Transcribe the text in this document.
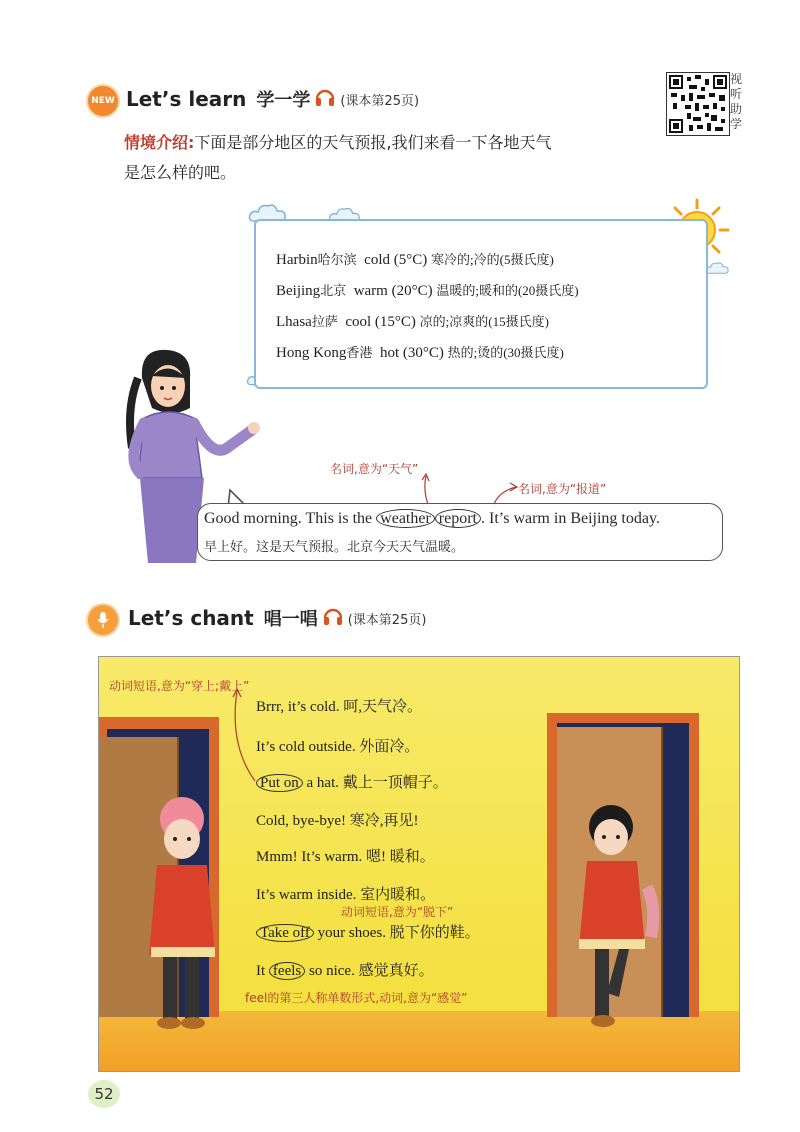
视听助学
NEW Let’s learn 学一学 (课本第25页)
情境介绍:下面是部分地区的天气预报,我们来看一下各地天气
是怎么样的吧。
Harbin哈尔滨 cold (5°C) 寒冷的;冷的(5摄氏度)
Beijing北京 warm (20°C) 温暖的;暖和的(20摄氏度)
Lhasa拉萨 cool (15°C) 凉的;凉爽的(15摄氏度)
Hong Kong香港 hot (30°C) 热的;烫的(30摄氏度)
名词,意为“天气”
名词,意为“报道”
Good morning. This is the weather report . It’s warm in Beijing today.
早上好。这是天气预报。北京今天天气温暖。
Let’s chant 唱一唱 (课本第25页)
动词短语,意为“穿上;戴上”
Brrr, it’s cold. 呵,天气冷。
It’s cold outside. 外面冷。
Put on a hat. 戴上一顶帽子。
Cold, bye-bye! 寒冷,再见!
Mmm! It’s warm. 嗯! 暖和。
It’s warm inside. 室内暖和。
动词短语,意为“脱下”
Take off your shoes. 脱下你的鞋。
It feels so nice. 感觉真好。
feel的第三人称单数形式,动词,意为“感觉”
52
